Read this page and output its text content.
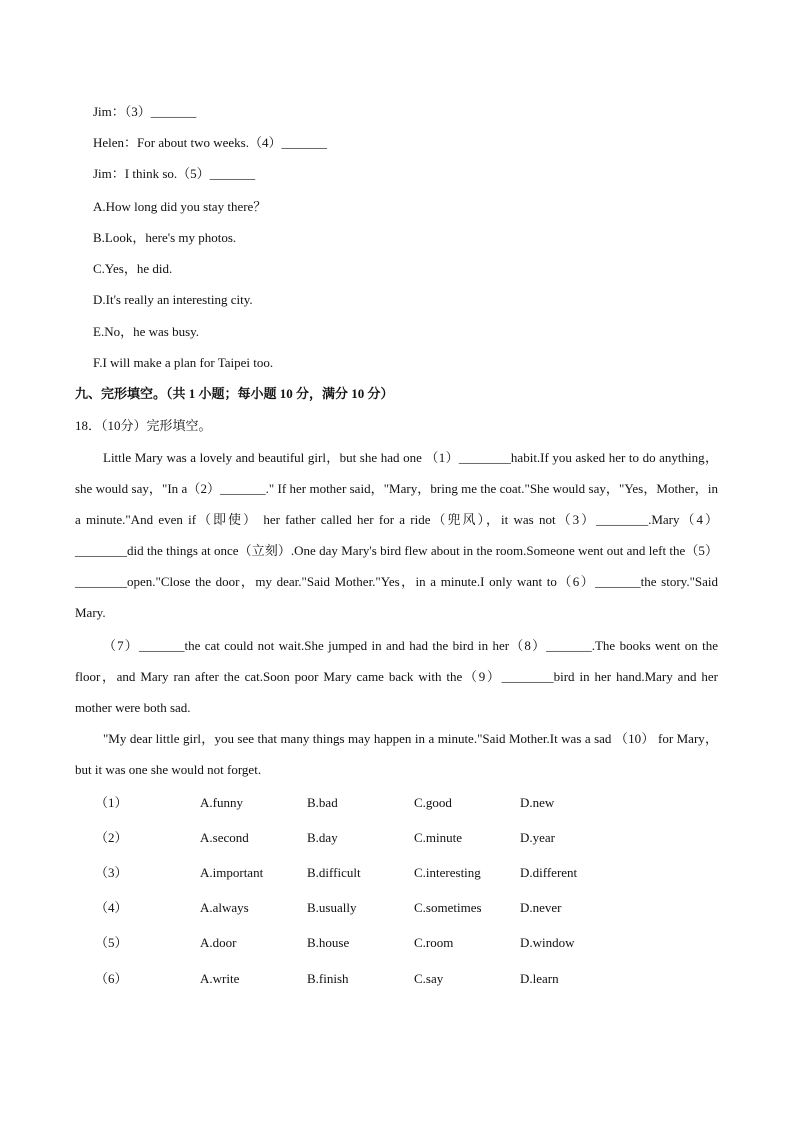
Jim：（3）_______
Helen：For about two weeks.（4）_______
Jim：I think so.（5）_______
A.How long did you stay there？
B.Look，here's my photos.
C.Yes，he did.
D.It's really an interesting city.
E.No，he was busy.
F.I will make a plan for Taipei too.
九、完形填空。（共 1 小题；每小题 10 分，满分 10 分）
18．（10分）完形填空。

Little Mary was a lovely and beautiful girl，but she had one （1）________habit.If you asked her to do anything，she would say，"In a（2）_______." If her mother said，"Mary，bring me the coat."She would say，"Yes，Mother，in a minute."And even if（即使） her father called her for a ride（兜风），it was not（3）________.Mary（4）________did the things at once（立刻）.One day Mary's bird flew about in the room.Someone went out and left the（5）________open."Close the door，my dear."Said Mother."Yes，in a minute.I only want to（6）_______the story."Said Mary.

（7）_______the cat could not wait.She jumped in and had the bird in her（8）_______.The books went on the floor，and Mary ran after the cat.Soon poor Mary came back with the（9）________bird in her hand.Mary and her mother were both sad.

"My dear little girl，you see that many things may happen in a minute."Said Mother.It was a sad （10） for Mary，but it was one she would not forget.

（1）	A.funny	B.bad	C.good	D.new
（2）	A.second	B.day	C.minute	D.year
（3）	A.important	B.difficult	C.interesting	D.different
（4）	A.always	B.usually	C.sometimes	D.never
（5）	A.door	B.house	C.room	D.window
（6）	A.write	B.finish	C.say	D.learn
